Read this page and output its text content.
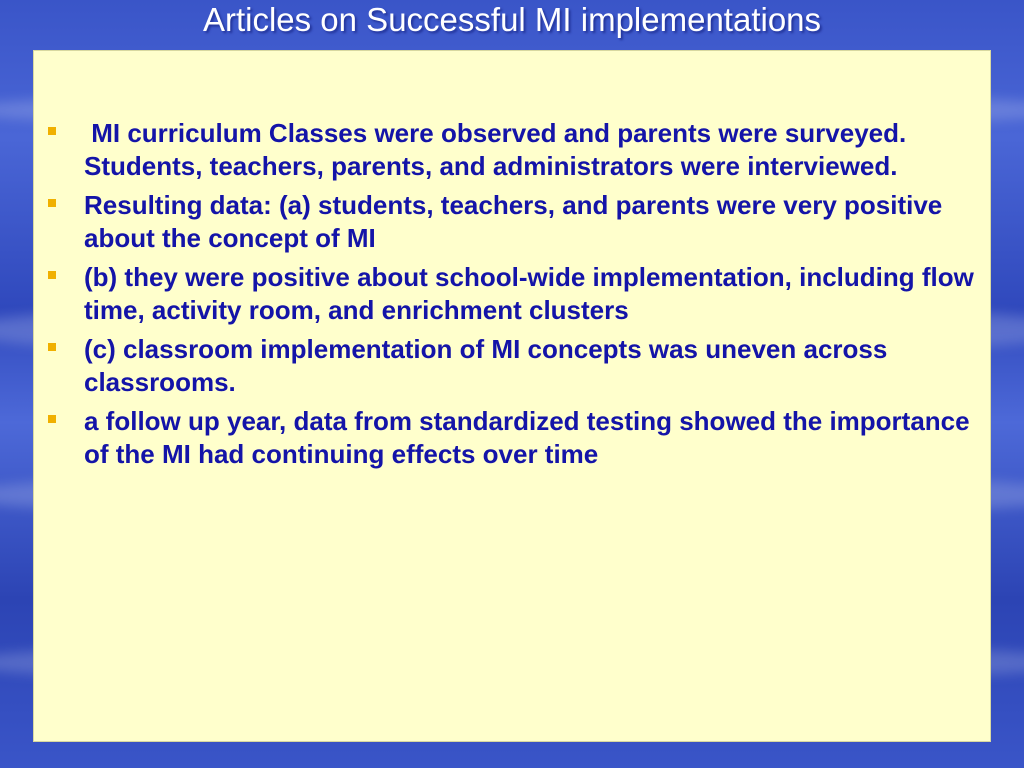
Articles on Successful MI implementations
MI curriculum Classes were observed and parents were surveyed. Students, teachers, parents, and administrators were interviewed.
Resulting data: (a) students, teachers, and parents were very positive about the concept of MI
(b) they were positive about school-wide implementation, including flow time, activity room, and enrichment clusters
(c) classroom implementation of MI concepts was uneven across classrooms.
a follow up year, data from standardized testing showed the importance of the MI had continuing effects over time
